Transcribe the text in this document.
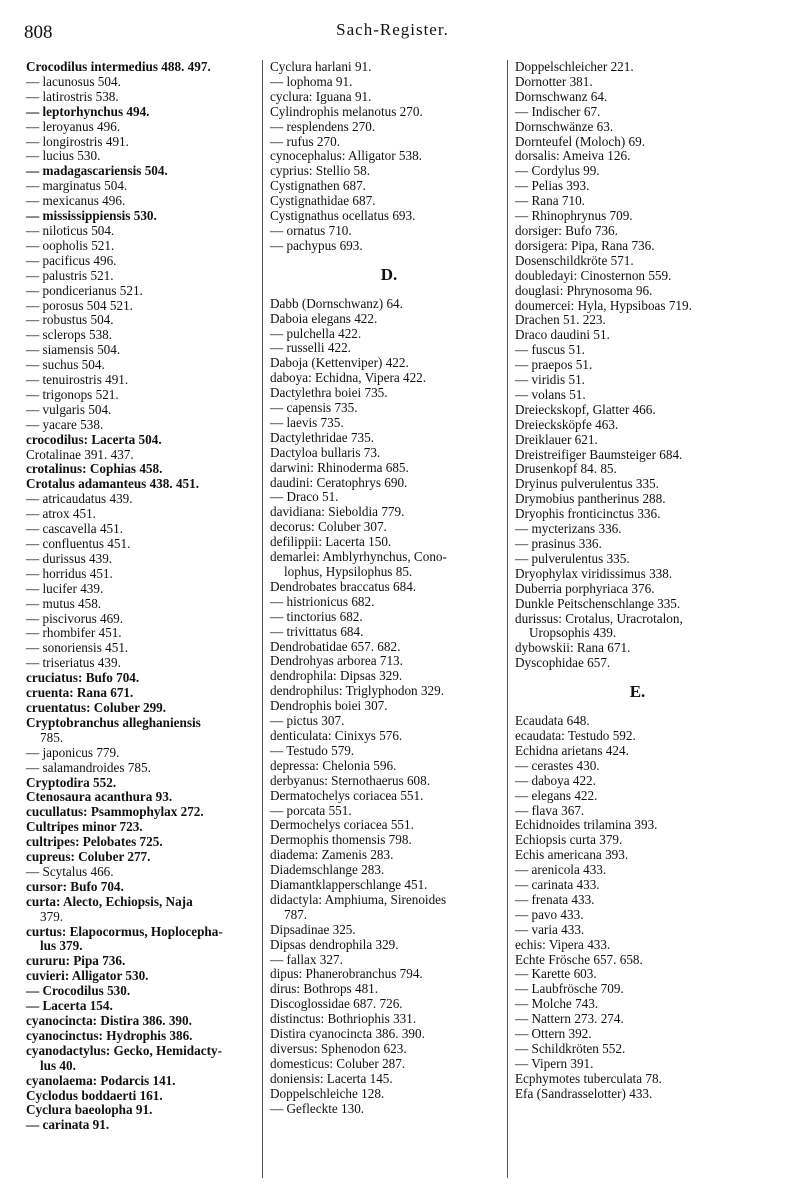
808	Sach-Register.
Crocodilus intermedius 488. 497.
— lacunosus 504.
— latirostris 538.
— leptorhynchus 494.
— leroyanus 496.
— longirostris 491.
— lucius 530.
— madagascariensis 504.
— marginatus 504.
— mexicanus 496.
— mississippiensis 530.
— niloticus 504.
— oopholis 521.
— pacificus 496.
— palustris 521.
— pondicerianus 521.
— porosus 504 521.
— robustus 504.
— sclerops 538.
— siamensis 504.
— suchus 504.
— tenuirostris 491.
— trigonops 521.
— vulgaris 504.
— yacare 538.
crocodilus: Lacerta 504.
Crotalinae 391. 437.
crotalinus: Cophias 458.
Crotalus adamanteus 438. 451.
— atricaudatus 439.
— atrox 451.
— cascavella 451.
— confluentus 451.
— durissus 439.
— horridus 451.
— lucifer 439.
— mutus 458.
— piscivorus 469.
— rhombifer 451.
— sonoriensis 451.
— triseriatus 439.
cruciatus: Bufo 704.
cruenta: Rana 671.
cruentatus: Coluber 299.
Cryptobranchus alleghaniensis
785.
— japonicus 779.
— salamandroides 785.
Cryptodira 552.
Ctenosaura acanthura 93.
cucullatus: Psammophylax 272.
Cultripes minor 723.
cultripes: Pelobates 725.
cupreus: Coluber 277.
— Scytalus 466.
cursor: Bufo 704.
curta: Alecto, Echiopsis, Naja
379.
curtus: Elapocormus, Hoplocepha-
lus 379.
cururu: Pipa 736.
cuvieri: Alligator 530.
— Crocodilus 530.
— Lacerta 154.
cyanocincta: Distira 386. 390.
cyanocinctus: Hydrophis 386.
cyanodactylus: Gecko, Hemidacty-
lus 40.
cyanolaema: Podarcis 141.
Cyclodus boddaerti 161.
Cyclura baeolopha 91.
— carinata 91.
Cyclura harlani 91.
— lophoma 91.
cyclura: Iguana 91.
Cylindrophis melanotus 270.
— resplendens 270.
— rufus 270.
cynocephalus: Alligator 538.
cyprius: Stellio 58.
Cystignathen 687.
Cystignathidae 687.
Cystignathus ocellatus 693.
— ornatus 710.
— pachypus 693.
D.
Dabb (Dornschwanz) 64.
Daboia elegans 422.
— pulchella 422.
— russelli 422.
Daboja (Kettenviper) 422.
daboya: Echidna, Vipera 422.
Dactylethra boiei 735.
— capensis 735.
— laevis 735.
Dactylethridae 735.
Dactyloa bullaris 73.
darwini: Rhinoderma 685.
daudini: Ceratophrys 690.
— Draco 51.
davidiana: Sieboldia 779.
decorus: Coluber 307.
defilippii: Lacerta 150.
demarlei: Amblyrhynchus, Cono-
lophus, Hypsilophus 85.
Dendrobates braccatus 684.
— histrionicus 682.
— tinctorius 682.
— trivittatus 684.
Dendrobatidae 657. 682.
Dendrohyas arborea 713.
dendrophila: Dipsas 329.
dendrophilus: Triglyphodon 329.
Dendrophis boiei 307.
— pictus 307.
denticulata: Cinixys 576.
— Testudo 579.
depressa: Chelonia 596.
derbyanus: Sternothaerus 608.
Dermatochelys coriacea 551.
— porcata 551.
Dermochelys coriacea 551.
Dermophis thomensis 798.
diadema: Zamenis 283.
Diademschlange 283.
Diamantklapperschlange 451.
didactyla: Amphiuma, Sirenoides
787.
Dipsadinae 325.
Dipsas dendrophila 329.
— fallax 327.
dipus: Phanerobranchus 794.
dirus: Bothrops 481.
Discoglossidae 687. 726.
distinctus: Bothriophis 331.
Distira cyanocincta 386. 390.
diversus: Sphenodon 623.
domesticus: Coluber 287.
doniensis: Lacerta 145.
Doppelschleiche 128.
— Gefleckte 130.
Doppelschleicher 221.
Dornotter 381.
Dornschwanz 64.
— Indischer 67.
Dornschwänze 63.
Dornteufel (Moloch) 69.
dorsalis: Ameiva 126.
— Cordylus 99.
— Pelias 393.
— Rana 710.
— Rhinophrynus 709.
dorsiger: Bufo 736.
dorsigera: Pipa, Rana 736.
Dosenschildkröte 571.
doubledayi: Cinosternon 559.
douglasi: Phrynosoma 96.
doumercei: Hyla, Hypsiboas 719.
Drachen 51. 223.
Draco daudini 51.
— fuscus 51.
— praepos 51.
— viridis 51.
— volans 51.
Dreieckskopf, Glatter 466.
Dreiecksköpfe 463.
Dreiklauer 621.
Dreistreifiger Baumsteiger 684.
Drusenkopf 84. 85.
Dryinus pulverulentus 335.
Drymobius pantherinus 288.
Dryophis fronticinctus 336.
— mycterizans 336.
— prasinus 336.
— pulverulentus 335.
Dryophylax viridissimus 338.
Duberria porphyriaca 376.
Dunkle Peitschenschlange 335.
durissus: Crotalus, Uracrotalon,
Uropsophis 439.
dybowskii: Rana 671.
Dyscophidae 657.
E.
Ecaudata 648.
ecaudata: Testudo 592.
Echidna arietans 424.
— cerastes 430.
— daboya 422.
— elegans 422.
— flava 367.
Echidnoides trilamina 393.
Echiopsis curta 379.
Echis americana 393.
— arenicola 433.
— carinata 433.
— frenata 433.
— pavo 433.
— varia 433.
echis: Vipera 433.
Echte Frösche 657. 658.
— Karette 603.
— Laubfrösche 709.
— Molche 743.
— Nattern 273. 274.
— Ottern 392.
— Schildkröten 552.
— Vipern 391.
Ecphymotes tuberculata 78.
Efa (Sandrasselotter) 433.
